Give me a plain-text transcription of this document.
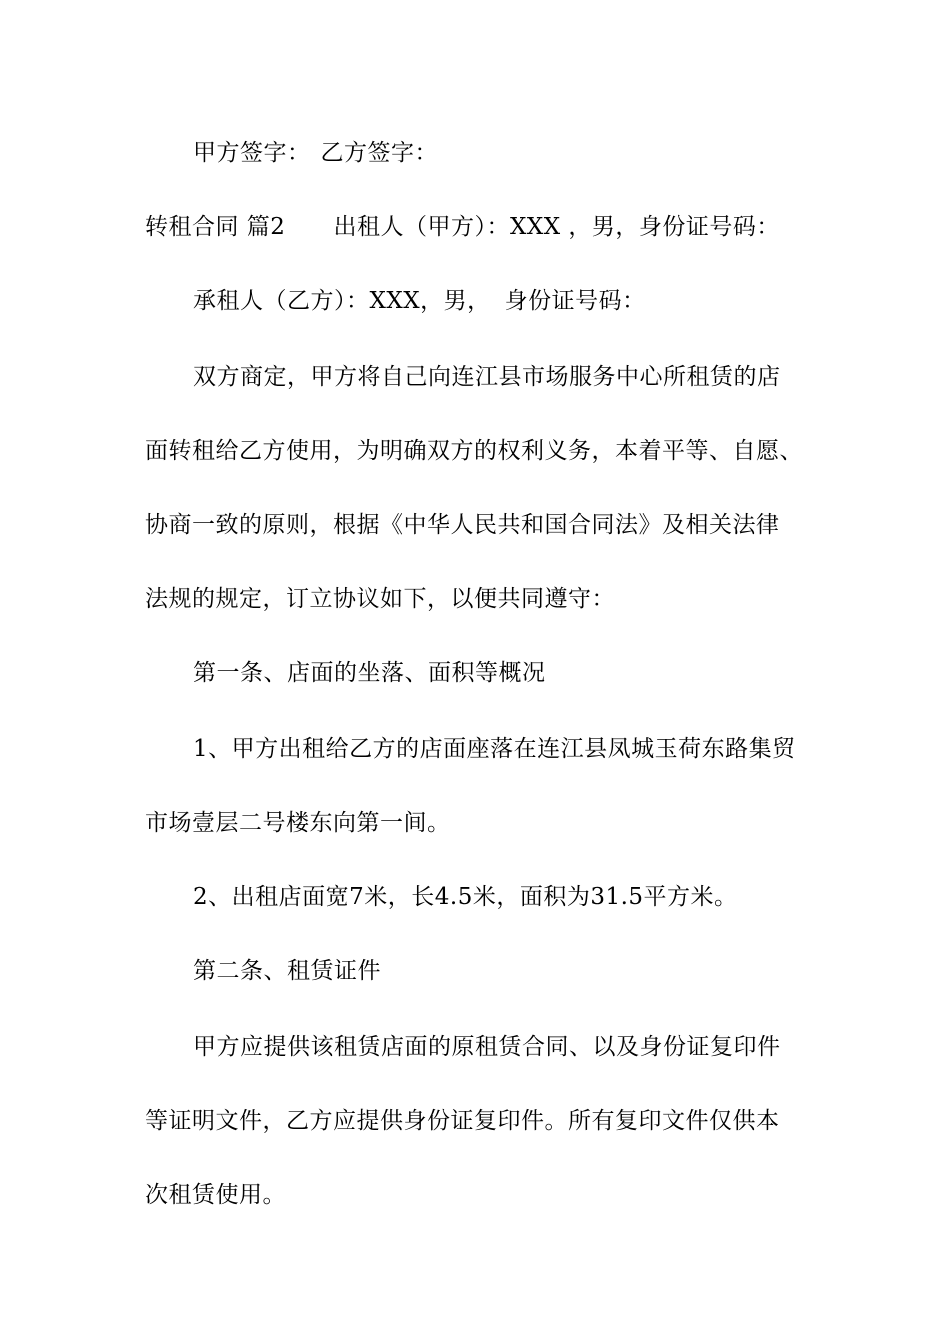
甲方签字： 乙方签字：

转租合同 篇2 出租人（甲方）：XXX ，男，身份证号码：

承租人（乙方）：XXX，男， 身份证号码：

双方商定，甲方将自己向连江县市场服务中心所租赁的店

面转租给乙方使用，为明确双方的权利义务，本着平等、自愿、

协商一致的原则，根据《中华人民共和国合同法》及相关法律

法规的规定，订立协议如下，以便共同遵守：

第一条、店面的坐落、面积等概况

1、甲方出租给乙方的店面座落在连江县凤城玉荷东路集贸

市场壹层二号楼东向第一间。

2、出租店面宽7米，长4.5米，面积为31.5平方米。

第二条、租赁证件

甲方应提供该租赁店面的原租赁合同、以及身份证复印件

等证明文件，乙方应提供身份证复印件。所有复印文件仅供本

次租赁使用。
